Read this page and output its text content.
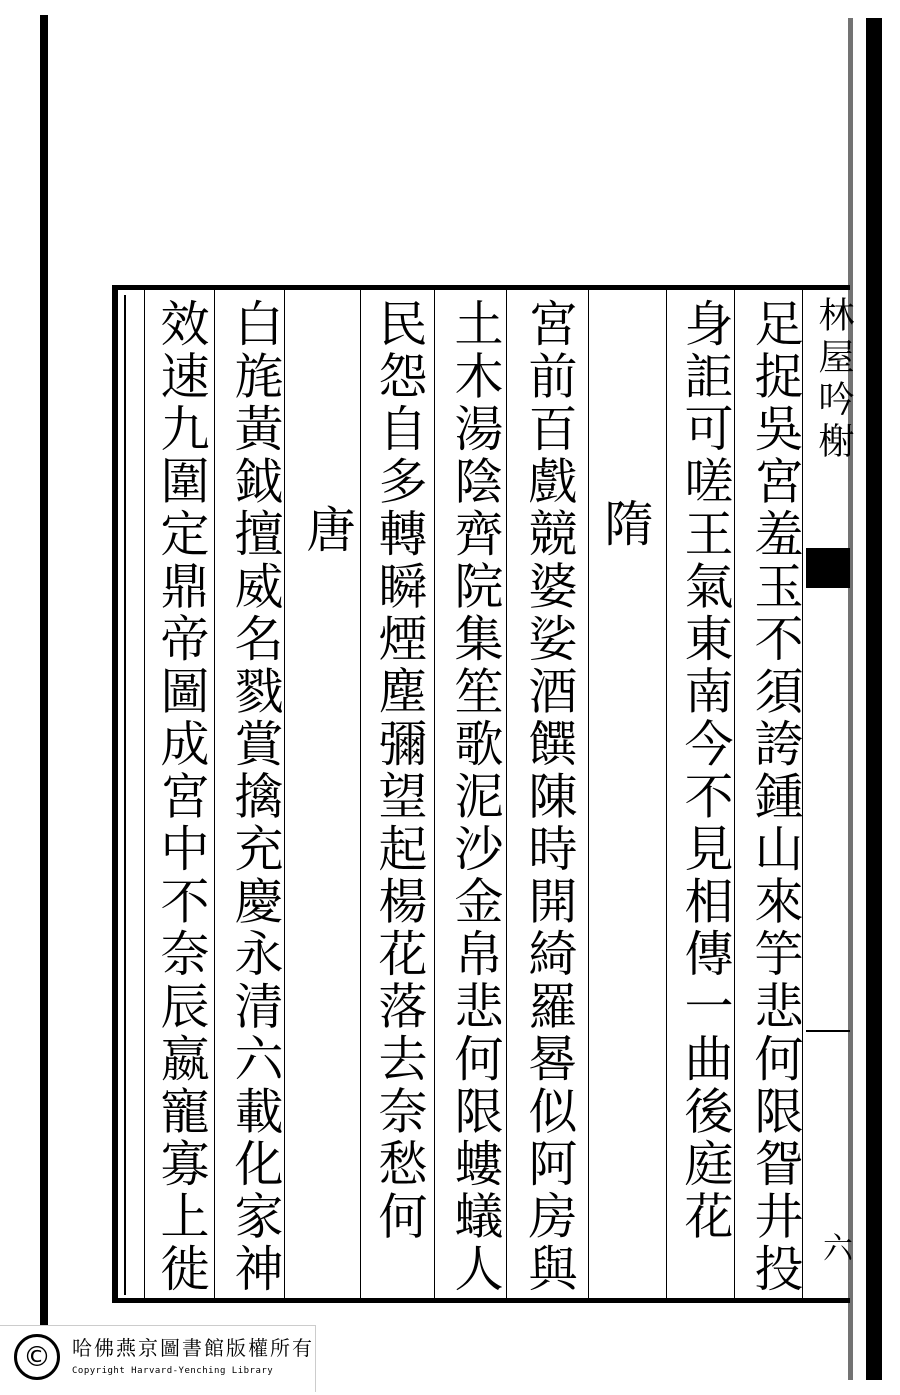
林屋吟榭
六
足捉吳宮羞玉不須誇鍾山來竽悲何限眢井投
身詎可嗟王氣東南今不見相傳一曲後庭花
隋
宮前百戲競婆娑酒饌陳時開綺羅晷似阿房與
土木湯陰齊院集笙歌泥沙金帛悲何限螻蟻人
民怨自多轉瞬煙塵彌望起楊花落去奈愁何
唐
白旄黃鉞擅威名戮賞擒充慶永清六載化家神
效速九圍定鼎帝圖成宮中不奈辰嬴寵寡上徙
©	哈佛燕京圖書館版權所有
Copyright Harvard-Yenching Library
